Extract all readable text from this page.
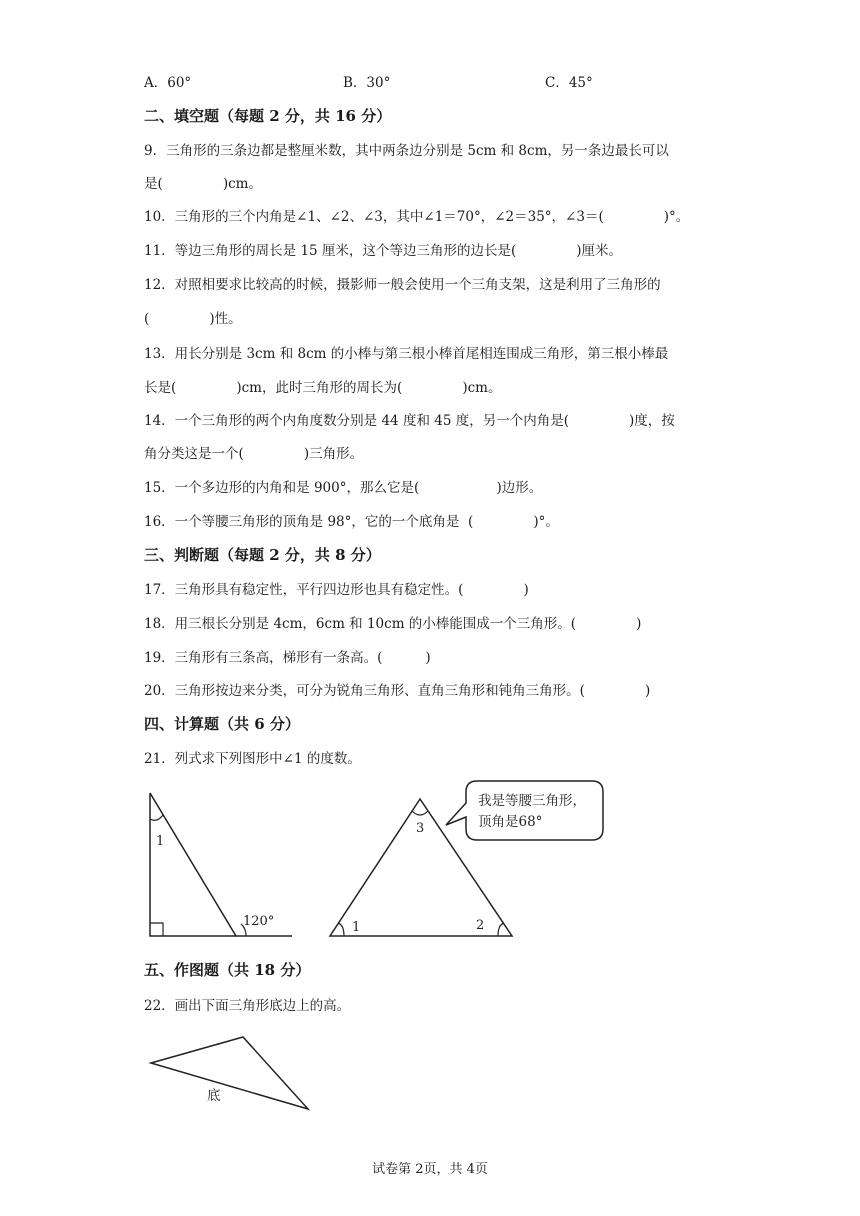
A．60°	B．30°	C．45°
二、填空题（每题 2 分，共 16 分）
9．三角形的三条边都是整厘米数，其中两条边分别是 5cm 和 8cm，另一条边最长可以
是(              )cm。
10．三角形的三个内角是∠1、∠2、∠3，其中∠1＝70°，∠2＝35°，∠3＝(              )°。
11．等边三角形的周长是 15 厘米，这个等边三角形的边长是(              )厘米。
12．对照相要求比较高的时候，摄影师一般会使用一个三角支架，这是利用了三角形的
(              )性。
13．用长分别是 3cm 和 8cm 的小棒与第三根小棒首尾相连围成三角形，第三根小棒最
长是(              )cm，此时三角形的周长为(              )cm。
14．一个三角形的两个内角度数分别是 44 度和 45 度，另一个内角是(              )度，按
角分类这是一个(              )三角形。
15．一个多边形的内角和是 900°，那么它是(                  )边形。
16．一个等腰三角形的顶角是 98°，它的一个底角是  (              )°。
三、判断题（每题 2 分，共 8 分）
17．三角形具有稳定性，平行四边形也具有稳定性。(              )
18．用三根长分别是 4cm，6cm 和 10cm 的小棒能围成一个三角形。(              )
19．三角形有三条高，梯形有一条高。(          )
20．三角形按边来分类，可分为锐角三角形、直角三角形和钝角三角形。(              )
四、计算题（共 6 分）
21．列式求下列图形中∠1 的度数。
1
120°
3
1	2
我是等腰三角形，
顶角是68°
五、作图题（共 18 分）
22．画出下面三角形底边上的高。
底
试卷第 2页，共 4页
